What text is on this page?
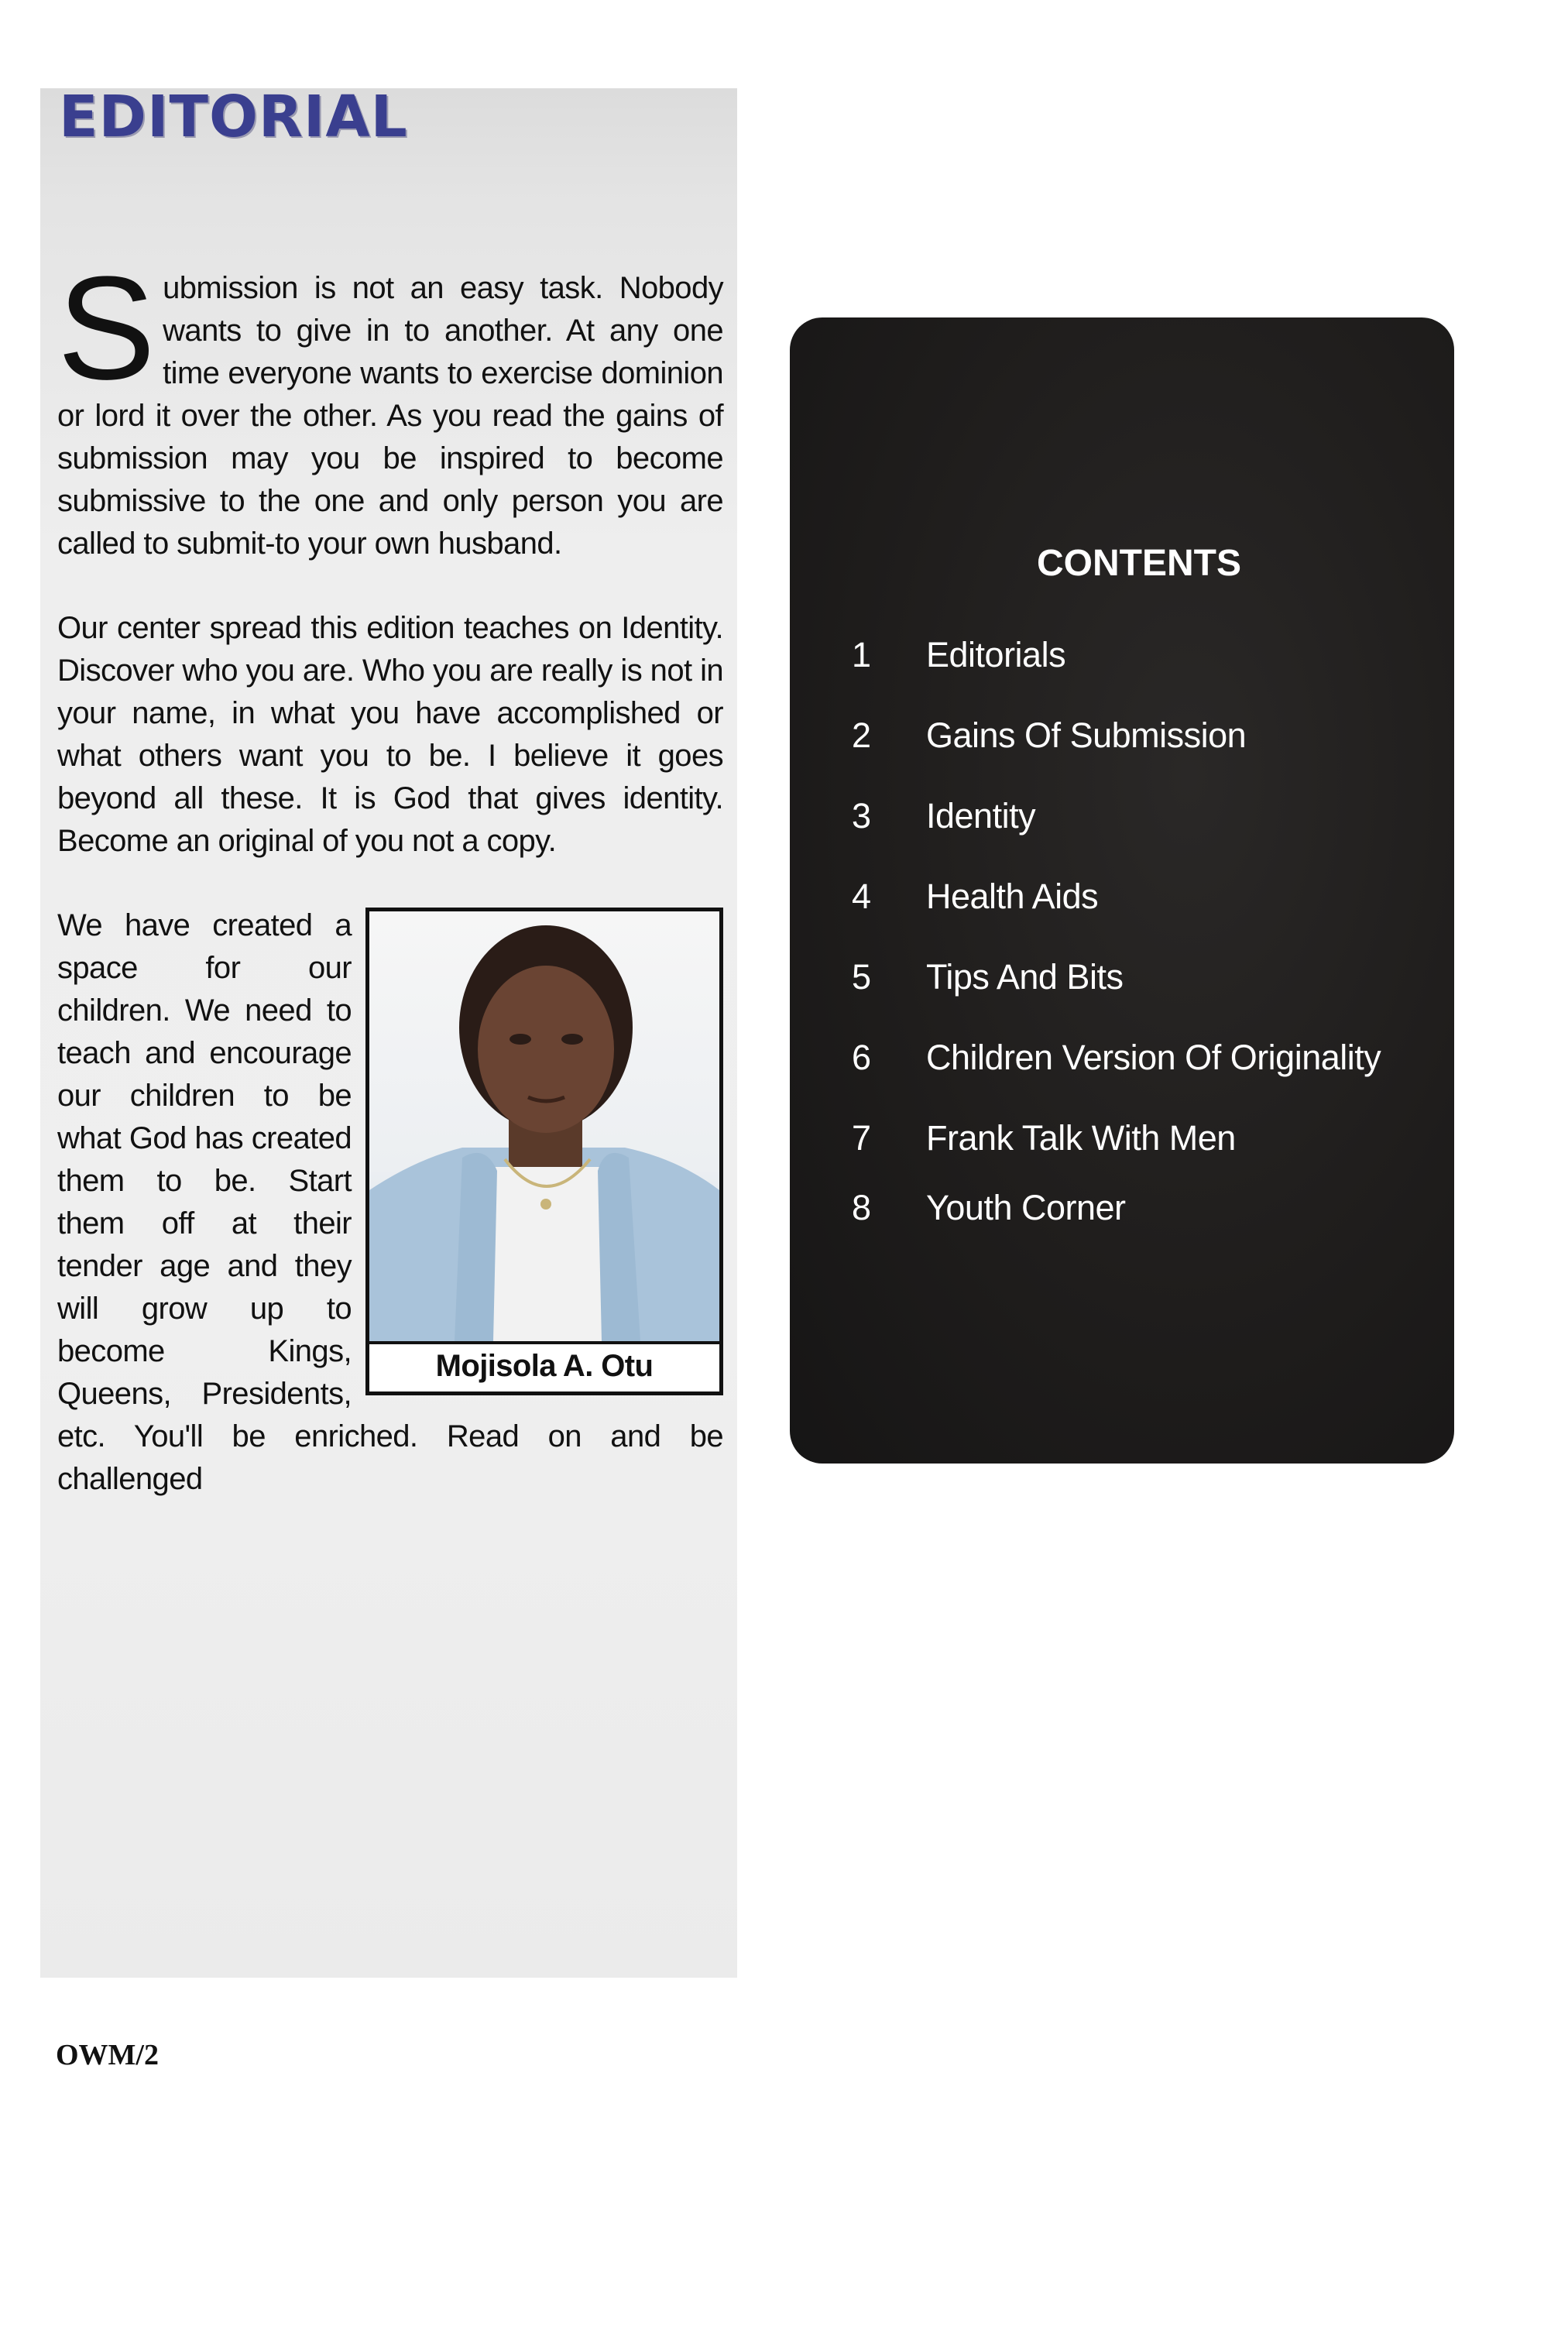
EDITORIAL

Submission is not an easy task. Nobody wants to give in to another. At any one time everyone wants to exercise dominion or lord it over the other. As you read the gains of submission may you be inspired to become submissive to the one and only person you are called to submit-to your own husband.

Our center spread this edition teaches on Identity. Discover who you are. Who you are really is not in your name, in what you have accomplished or what others want you to be. I believe it goes beyond all these. It is God that gives identity. Become an original of you not a copy.

Mojisola A. Otu
We have created a space for our children. We need to teach and encourage our children to be what God has created them to be. Start them off at their tender age and they will grow up to become Kings, Queens, Presidents, etc. You'll be enriched. Read on and be challenged

OWM/2
CONTENTS
1	Editorials
2	Gains Of Submission
3	Identity
4	Health Aids
5	Tips And Bits
6	Children Version Of Originality
7	Frank Talk With Men
8	Youth Corner
